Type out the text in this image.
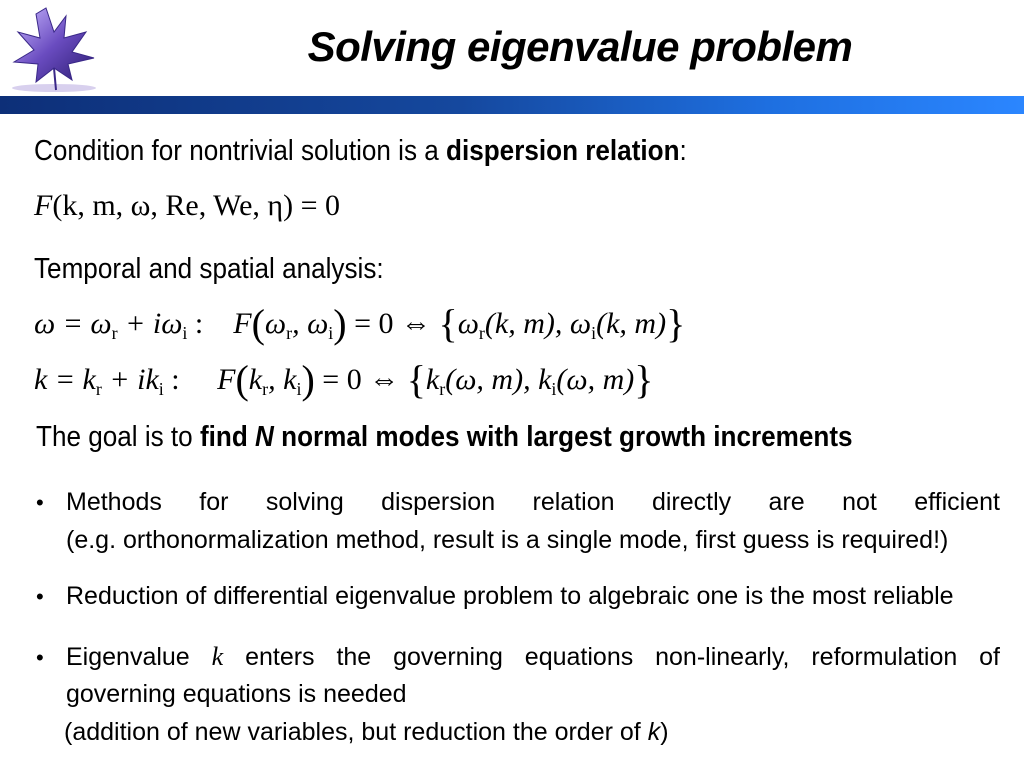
Solving eigenvalue problem
Condition for nontrivial solution is a dispersion relation:
F(k, m, ω, Re, We, η) = 0
Temporal and spatial analysis:
$\omega = \omega_r + i\omega_i$ : $F(\omega_r$, $\omega_i) = 0$ ⇔ {$\omega_r(k$, m), $\omega_i(k$, m)}
$k = k_r + ik_i$ : $F(k_r$, $k_i) = 0$ ⇔ {$k_r(\omega$, m), $k_i(\omega$, m)}
The goal is to find N normal modes with largest growth increments
• Methods for solving dispersion relation directly are not efficient
(e.g. orthonormalization method, result is a single mode, first guess is required!)
• Reduction of differential eigenvalue problem to algebraic one is the most reliable
• Eigenvalue k enters the governing equations non-linearly, reformulation of
governing equations is needed
(addition of new variables, but reduction the order of k)
